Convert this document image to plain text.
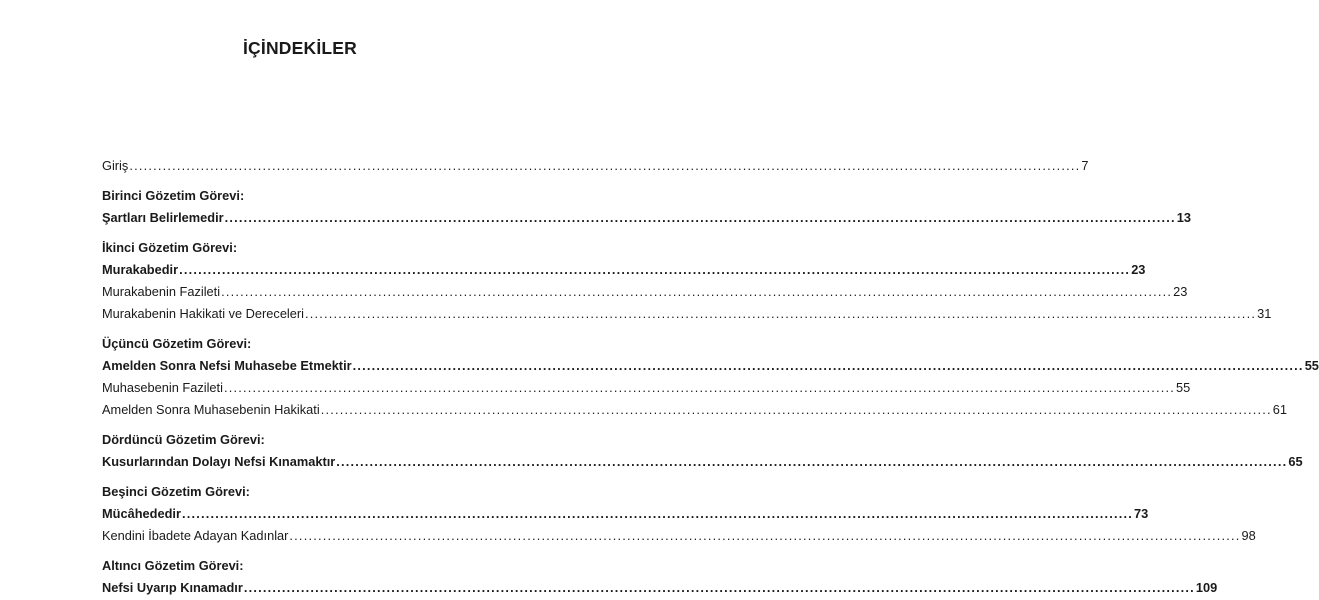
İÇİNDEKİLER
Giriş ........................................................................................................................................................................................................ 7
Birinci Gözetim Görevi:
Şartları Belirlemedir ........................................................................................................................................................................................................ 13
İkinci Gözetim Görevi:
Murakabedir ........................................................................................................................................................................................................ 23
Murakabenin Fazileti ........................................................................................................................................................................................................ 23
Murakabenin Hakikati ve Dereceleri ........................................................................................................................................................................................................ 31
Üçüncü Gözetim Görevi:
Amelden Sonra Nefsi Muhasebe Etmektir ........................................................................................................................................................................................................ 55
Muhasebenin Fazileti ........................................................................................................................................................................................................ 55
Amelden Sonra Muhasebenin Hakikati ........................................................................................................................................................................................................ 61
Dördüncü Gözetim Görevi:
Kusurlarından Dolayı Nefsi Kınamaktır ........................................................................................................................................................................................................ 65
Beşinci Gözetim Görevi:
Mücâhededir ........................................................................................................................................................................................................ 73
Kendini İbadete Adayan Kadınlar ........................................................................................................................................................................................................ 98
Altıncı Gözetim Görevi:
Nefsi Uyarıp Kınamadır ........................................................................................................................................................................................................ 109
